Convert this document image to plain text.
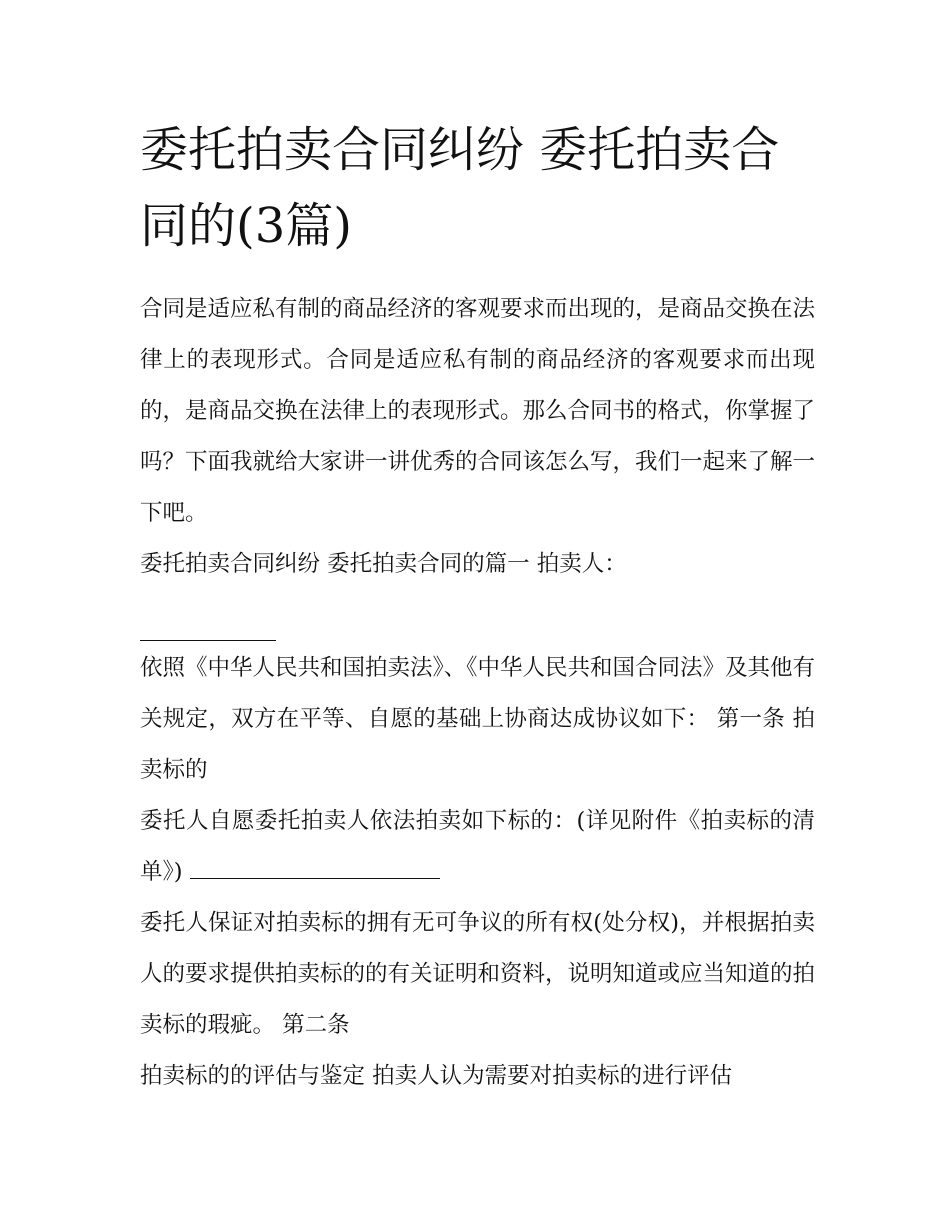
委托拍卖合同纠纷 委托拍卖合同的(3篇)

合同是适应私有制的商品经济的客观要求而出现的，是商品交换在法律上的表现形式。合同是适应私有制的商品经济的客观要求而出现的，是商品交换在法律上的表现形式。那么合同书的格式，你掌握了吗？下面我就给大家讲一讲优秀的合同该怎么写，我们一起来了解一下吧。

委托拍卖合同纠纷 委托拍卖合同的篇一 拍卖人：

依照《中华人民共和国拍卖法》、《中华人民共和国合同法》及其他有关规定，双方在平等、自愿的基础上协商达成协议如下： 第一条 拍卖标的

委托人自愿委托拍卖人依法拍卖如下标的：(详见附件《拍卖标的清单》)

委托人保证对拍卖标的拥有无可争议的所有权(处分权)，并根据拍卖人的要求提供拍卖标的的有关证明和资料，说明知道或应当知道的拍卖标的瑕疵。 第二条

拍卖标的的评估与鉴定 拍卖人认为需要对拍卖标的进行评估
